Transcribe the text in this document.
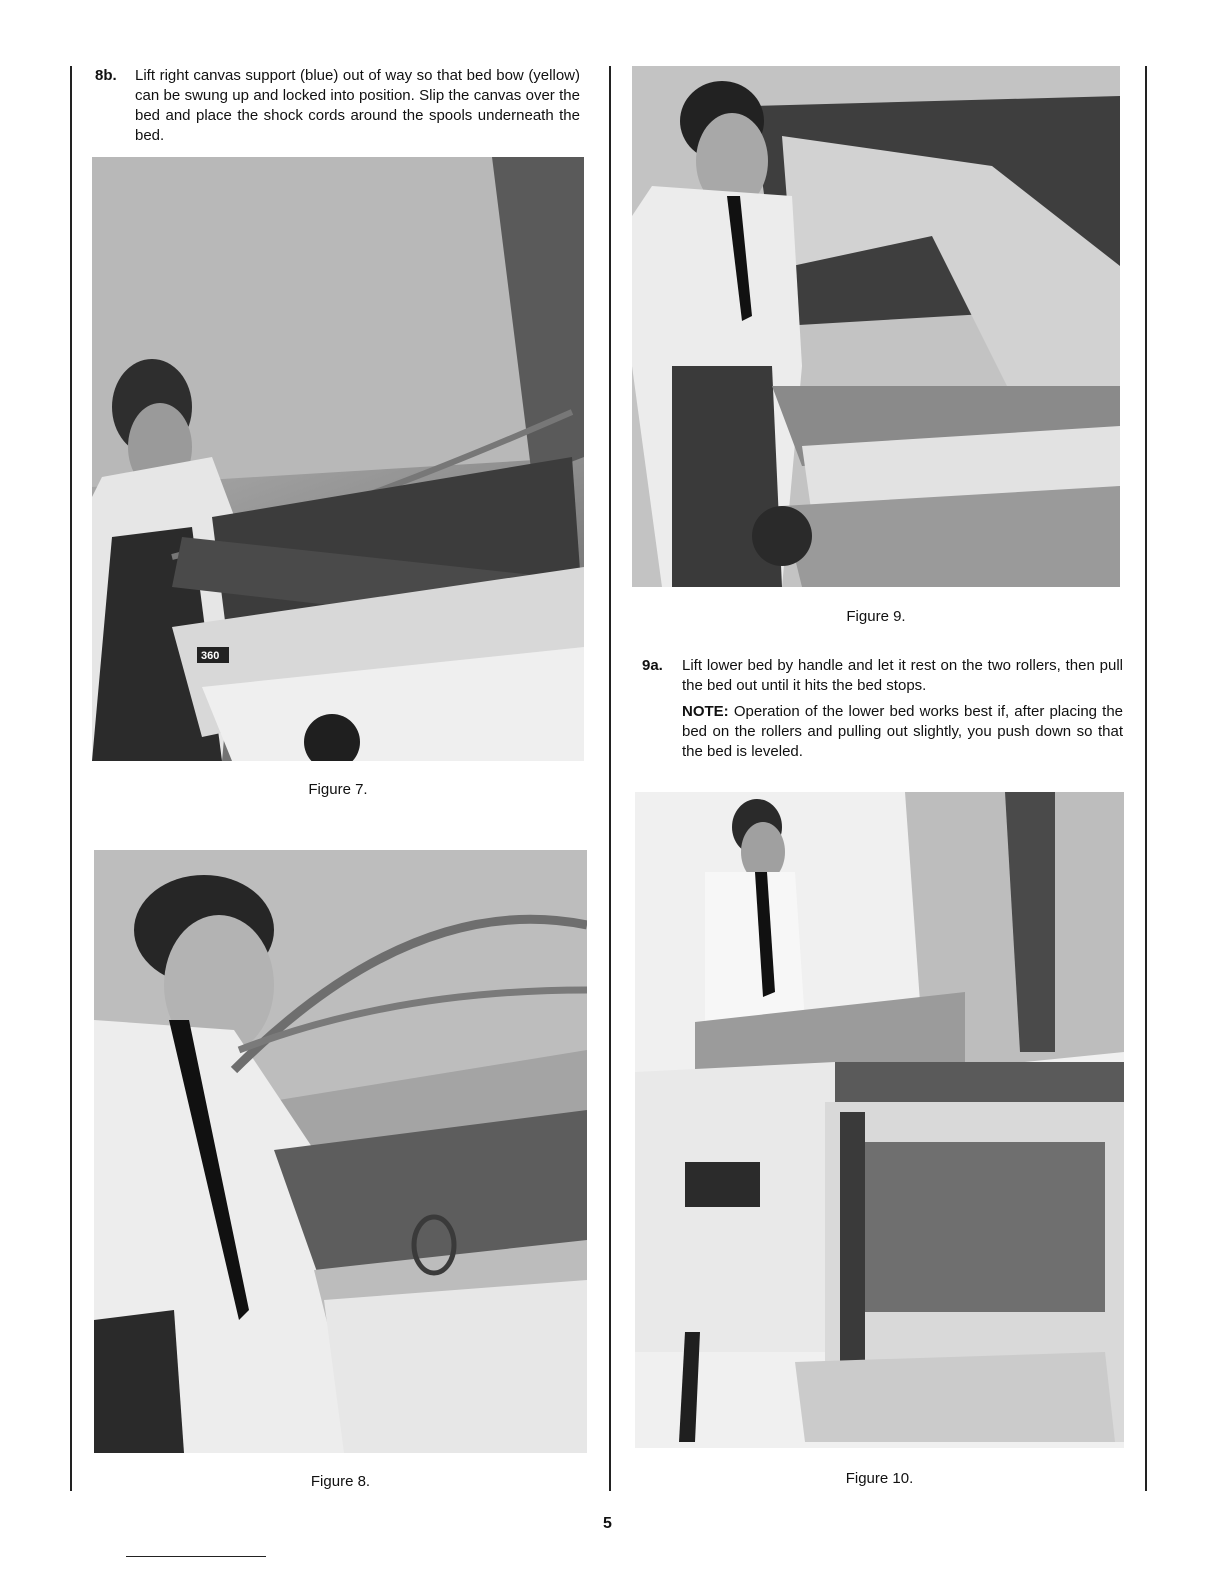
8b.	Lift right canvas support (blue) out of way so that bed bow (yellow) can be swung up and locked into position. Slip the canvas over the bed and place the shock cords around the spools underneath the bed.
360
Figure 7.
Figure 8.
Figure 9.
9a.	Lift lower bed by handle and let it rest on the two rollers, then pull the bed out until it hits the bed stops.
NOTE: Operation of the lower bed works best if, after placing the bed on the rollers and pulling out slightly, you push down so that the bed is leveled.
Figure 10.
5
